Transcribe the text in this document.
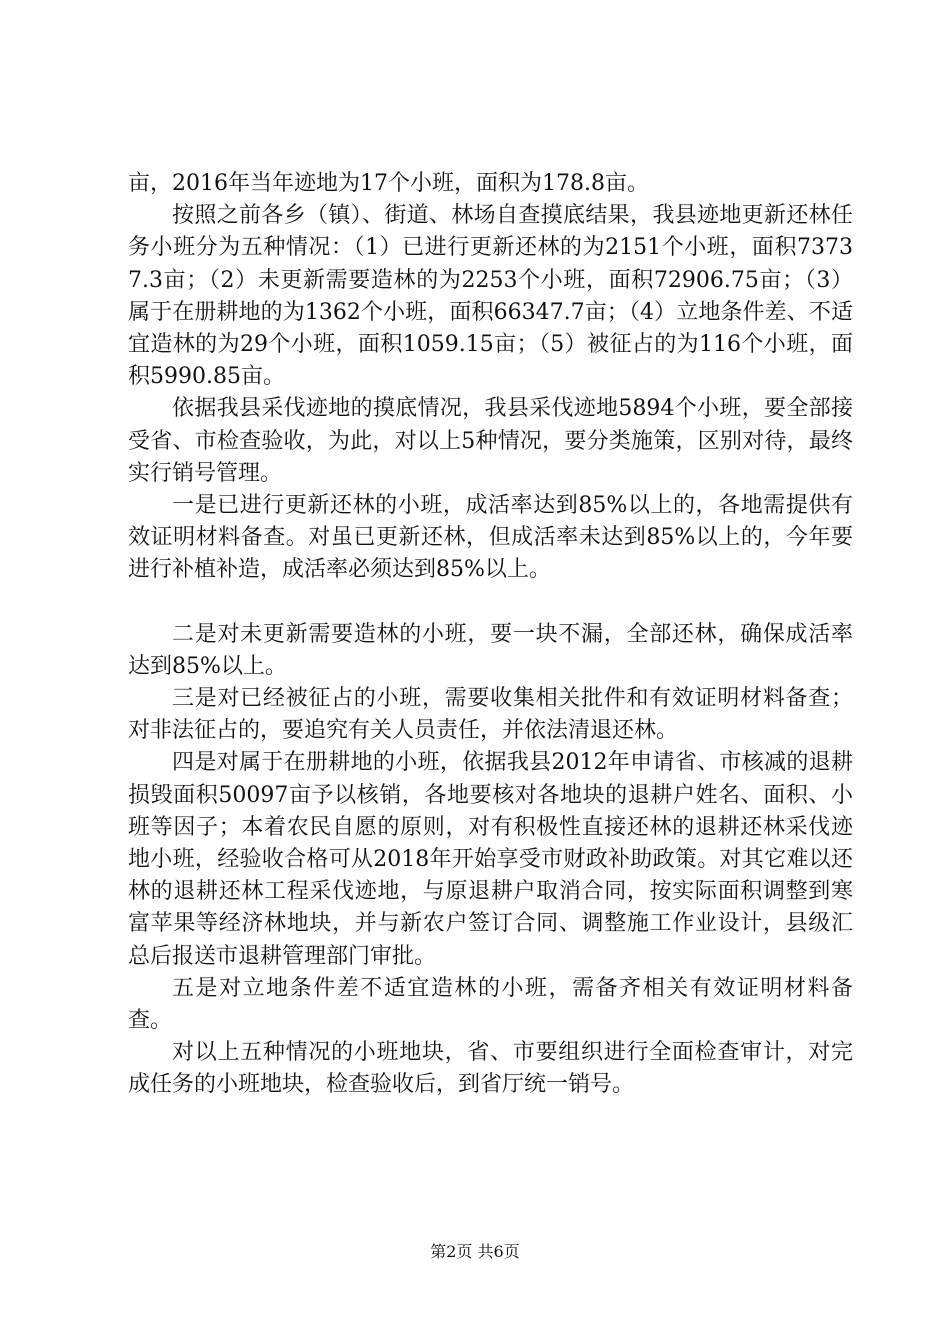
亩，2016年当年迹地为17个小班，面积为178.8亩。

按照之前各乡（镇）、街道、林场自查摸底结果，我县迹地更新还林任务小班分为五种情况：（1）已进行更新还林的为2151个小班，面积73737.3亩；（2）未更新需要造林的为2253个小班，面积72906.75亩；（3）属于在册耕地的为1362个小班，面积66347.7亩；（4）立地条件差、不适宜造林的为29个小班，面积1059.15亩；（5）被征占的为116个小班，面积5990.85亩。

依据我县采伐迹地的摸底情况，我县采伐迹地5894个小班，要全部接受省、市检查验收，为此，对以上5种情况，要分类施策，区别对待，最终实行销号管理。

一是已进行更新还林的小班，成活率达到85%以上的，各地需提供有效证明材料备查。对虽已更新还林，但成活率未达到85%以上的，今年要进行补植补造，成活率必须达到85%以上。

二是对未更新需要造林的小班，要一块不漏，全部还林，确保成活率达到85%以上。

三是对已经被征占的小班，需要收集相关批件和有效证明材料备查；对非法征占的，要追究有关人员责任，并依法清退还林。

四是对属于在册耕地的小班，依据我县2012年申请省、市核减的退耕损毁面积50097亩予以核销，各地要核对各地块的退耕户姓名、面积、小班等因子；本着农民自愿的原则，对有积极性直接还林的退耕还林采伐迹地小班，经验收合格可从2018年开始享受市财政补助政策。对其它难以还林的退耕还林工程采伐迹地，与原退耕户取消合同，按实际面积调整到寒富苹果等经济林地块，并与新农户签订合同、调整施工作业设计，县级汇总后报送市退耕管理部门审批。

五是对立地条件差不适宜造林的小班，需备齐相关有效证明材料备查。

对以上五种情况的小班地块，省、市要组织进行全面检查审计，对完成任务的小班地块，检查验收后，到省厅统一销号。

第2页 共6页
